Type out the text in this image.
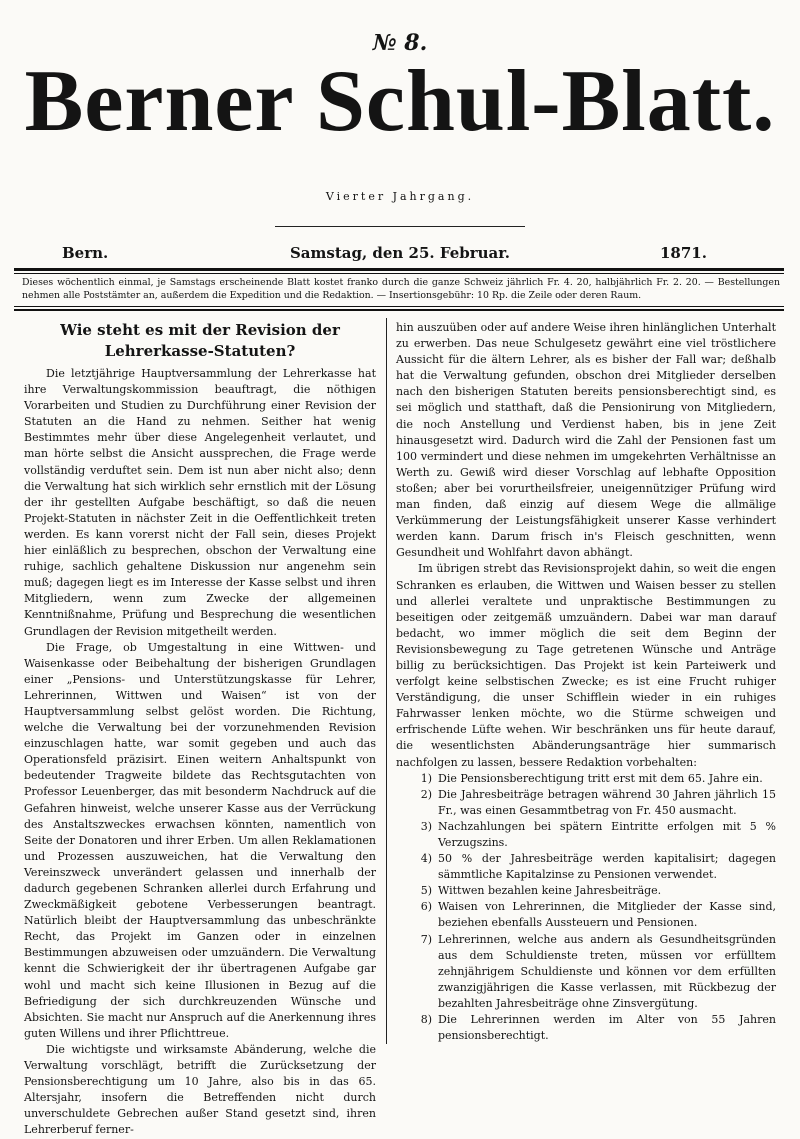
№ 8.
Berner Schul-Blatt.
Vierter Jahrgang.
Samstag, den 25. Februar.
Bern.	1871.
Dieses wöchentlich einmal, je Samstags erscheinende Blatt kostet franko durch die ganze Schweiz jährlich Fr. 4. 20, halbjährlich Fr. 2. 20. — Bestellungen nehmen alle Poststämter an, außerdem die Expedition und die Redaktion. — Insertionsgebühr: 10 Rp. die Zeile oder deren Raum.
Wie steht es mit der Revision der Lehrerkasse-Statuten?

Die letztjährige Hauptversammlung der Lehrerkasse hat ihre Verwaltungskommission beauftragt, die nöthigen Vorarbeiten und Studien zu Durchführung einer Revision der Statuten an die Hand zu nehmen. Seither hat wenig Bestimmtes mehr über diese Angelegenheit verlautet, und man hörte selbst die Ansicht aussprechen, die Frage werde vollständig verduftet sein. Dem ist nun aber nicht also; denn die Verwaltung hat sich wirklich sehr ernstlich mit der Lösung der ihr gestellten Aufgabe beschäftigt, so daß die neuen Projekt-Statuten in nächster Zeit in die Oeffentlichkeit treten werden. Es kann vorerst nicht der Fall sein, dieses Projekt hier einläßlich zu besprechen, obschon der Verwaltung eine ruhige, sachlich gehaltene Diskussion nur angenehm sein muß; dagegen liegt es im Interesse der Kasse selbst und ihren Mitgliedern, wenn zum Zwecke der allgemeinen Kenntnißnahme, Prüfung und Besprechung die wesentlichen Grundlagen der Revision mitgetheilt werden.

Die Frage, ob Umgestaltung in eine Wittwen- und Waisenkasse oder Beibehaltung der bisherigen Grundlagen einer „Pensions- und Unterstützungskasse für Lehrer, Lehrerinnen, Wittwen und Waisen“ ist von der Hauptversammlung selbst gelöst worden. Die Richtung, welche die Verwaltung bei der vorzunehmenden Revision einzuschlagen hatte, war somit gegeben und auch das Operationsfeld präzisirt. Einen weitern Anhaltspunkt von bedeutender Tragweite bildete das Rechtsgutachten von Professor Leuenberger, das mit besonderm Nachdruck auf die Gefahren hinweist, welche unserer Kasse aus der Verrückung des Anstaltszweckes erwachsen könnten, namentlich von Seite der Donatoren und ihrer Erben. Um allen Reklamationen und Prozessen auszuweichen, hat die Verwaltung den Vereinszweck unverändert gelassen und innerhalb der dadurch gegebenen Schranken allerlei durch Erfahrung und Zweckmäßigkeit gebotene Verbesserungen beantragt. Natürlich bleibt der Hauptversammlung das unbeschränkte Recht, das Projekt im Ganzen oder in einzelnen Bestimmungen abzuweisen oder umzuändern. Die Verwaltung kennt die Schwierigkeit der ihr übertragenen Aufgabe gar wohl und macht sich keine Illusionen in Bezug auf die Befriedigung der sich durchkreuzenden Wünsche und Absichten. Sie macht nur Anspruch auf die Anerkennung ihres guten Willens und ihrer Pflichttreue.

Die wichtigste und wirksamste Abänderung, welche die Verwaltung vorschlägt, betrifft die Zurücksetzung der Pensionsberechtigung um 10 Jahre, also bis in das 65. Altersjahr, insofern die Betreffenden nicht durch unverschuldete Gebrechen außer Stand gesetzt sind, ihren Lehrerberuf ferner-

hin auszuüben oder auf andere Weise ihren hinlänglichen Unterhalt zu erwerben. Das neue Schulgesetz gewährt eine viel tröstlichere Aussicht für die ältern Lehrer, als es bisher der Fall war; deßhalb hat die Verwaltung gefunden, obschon drei Mitglieder derselben nach den bisherigen Statuten bereits pensionsberechtigt sind, es sei möglich und statthaft, daß die Pensionirung von Mitgliedern, die noch Anstellung und Verdienst haben, bis in jene Zeit hinausgesetzt wird. Dadurch wird die Zahl der Pensionen fast um 100 vermindert und diese nehmen im umgekehrten Verhältnisse an Werth zu. Gewiß wird dieser Vorschlag auf lebhafte Opposition stoßen; aber bei vorurtheilsfreier, uneigennütziger Prüfung wird man finden, daß einzig auf diesem Wege die allmälige Verkümmerung der Leistungsfähigkeit unserer Kasse verhindert werden kann. Darum frisch in's Fleisch geschnitten, wenn Gesundheit und Wohlfahrt davon abhängt.

Im übrigen strebt das Revisionsprojekt dahin, so weit die engen Schranken es erlauben, die Wittwen und Waisen besser zu stellen und allerlei veraltete und unpraktische Bestimmungen zu beseitigen oder zeitgemäß umzuändern. Dabei war man darauf bedacht, wo immer möglich die seit dem Beginn der Revisionsbewegung zu Tage getretenen Wünsche und Anträge billig zu berücksichtigen. Das Projekt ist kein Parteiwerk und verfolgt keine selbstischen Zwecke; es ist eine Frucht ruhiger Verständigung, die unser Schifflein wieder in ein ruhiges Fahrwasser lenken möchte, wo die Stürme schweigen und erfrischende Lüfte wehen. Wir beschränken uns für heute darauf, die wesentlichsten Abänderungsanträge hier summarisch nachfolgen zu lassen, bessere Redaktion vorbehalten:

1) Die Pensionsberechtigung tritt erst mit dem 65. Jahre ein.
2) Die Jahresbeiträge betragen während 30 Jahren jährlich 15 Fr., was einen Gesammtbetrag von Fr. 450 ausmacht.
3) Nachzahlungen bei spätern Eintritte erfolgen mit 5 % Verzugszins.
4) 50 % der Jahresbeiträge werden kapitalisirt; dagegen sämmtliche Kapitalzinse zu Pensionen verwendet.
5) Wittwen bezahlen keine Jahresbeiträge.
6) Waisen von Lehrerinnen, die Mitglieder der Kasse sind, beziehen ebenfalls Aussteuern und Pensionen.
7) Lehrerinnen, welche aus andern als Gesundheitsgründen aus dem Schuldienste treten, müssen vor erfülltem zehnjährigem Schuldienste und können vor dem erfüllten zwanzigjährigen die Kasse verlassen, mit Rückbezug der bezahlten Jahresbeiträge ohne Zinsvergütung.
8) Die Lehrerinnen werden im Alter von 55 Jahren pensionsberechtigt.
